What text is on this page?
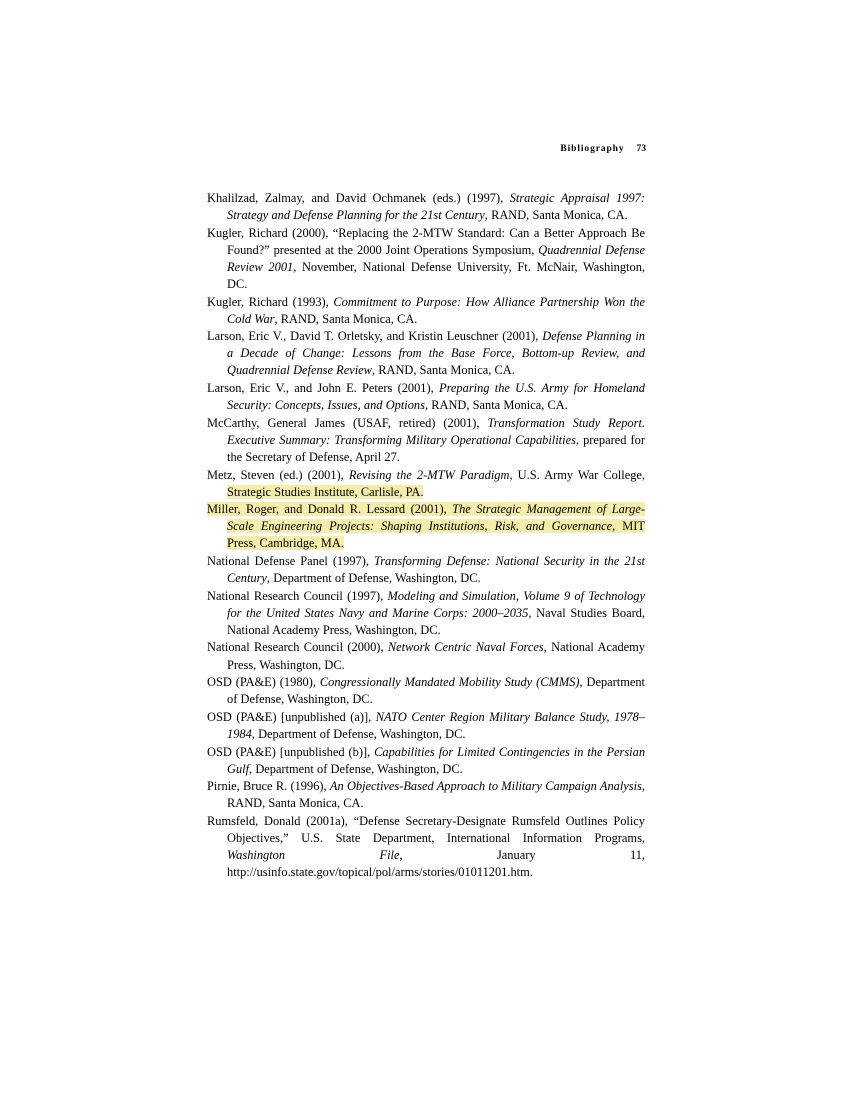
Bibliography 73

Khalilzad, Zalmay, and David Ochmanek (eds.) (1997), Strategic Appraisal 1997: Strategy and Defense Planning for the 21st Century, RAND, Santa Monica, CA.

Kugler, Richard (2000), “Replacing the 2-MTW Standard: Can a Better Approach Be Found?” presented at the 2000 Joint Operations Symposium, Quadrennial Defense Review 2001, November, National Defense University, Ft. McNair, Washington, DC.

Kugler, Richard (1993), Commitment to Purpose: How Alliance Partnership Won the Cold War, RAND, Santa Monica, CA.

Larson, Eric V., David T. Orletsky, and Kristin Leuschner (2001), Defense Planning in a Decade of Change: Lessons from the Base Force, Bottom-up Review, and Quadrennial Defense Review, RAND, Santa Monica, CA.

Larson, Eric V., and John E. Peters (2001), Preparing the U.S. Army for Homeland Security: Concepts, Issues, and Options, RAND, Santa Monica, CA.

McCarthy, General James (USAF, retired) (2001), Transformation Study Report. Executive Summary: Transforming Military Operational Capabilities, prepared for the Secretary of Defense, April 27.

Metz, Steven (ed.) (2001), Revising the 2-MTW Paradigm, U.S. Army War College, Strategic Studies Institute, Carlisle, PA.

Miller, Roger, and Donald R. Lessard (2001), The Strategic Management of Large-Scale Engineering Projects: Shaping Institutions, Risk, and Governance, MIT Press, Cambridge, MA.

National Defense Panel (1997), Transforming Defense: National Security in the 21st Century, Department of Defense, Washington, DC.

National Research Council (1997), Modeling and Simulation, Volume 9 of Technology for the United States Navy and Marine Corps: 2000–2035, Naval Studies Board, National Academy Press, Washington, DC.

National Research Council (2000), Network Centric Naval Forces, National Academy Press, Washington, DC.

OSD (PA&E) (1980), Congressionally Mandated Mobility Study (CMMS), Department of Defense, Washington, DC.

OSD (PA&E) [unpublished (a)], NATO Center Region Military Balance Study, 1978–1984, Department of Defense, Washington, DC.

OSD (PA&E) [unpublished (b)], Capabilities for Limited Contingencies in the Persian Gulf, Department of Defense, Washington, DC.

Pirnie, Bruce R. (1996), An Objectives-Based Approach to Military Campaign Analysis, RAND, Santa Monica, CA.

Rumsfeld, Donald (2001a), “Defense Secretary-Designate Rumsfeld Outlines Policy Objectives,” U.S. State Department, International Information Programs, Washington File, January 11, http://usinfo.state.gov/topical/pol/arms/stories/01011201.htm.
